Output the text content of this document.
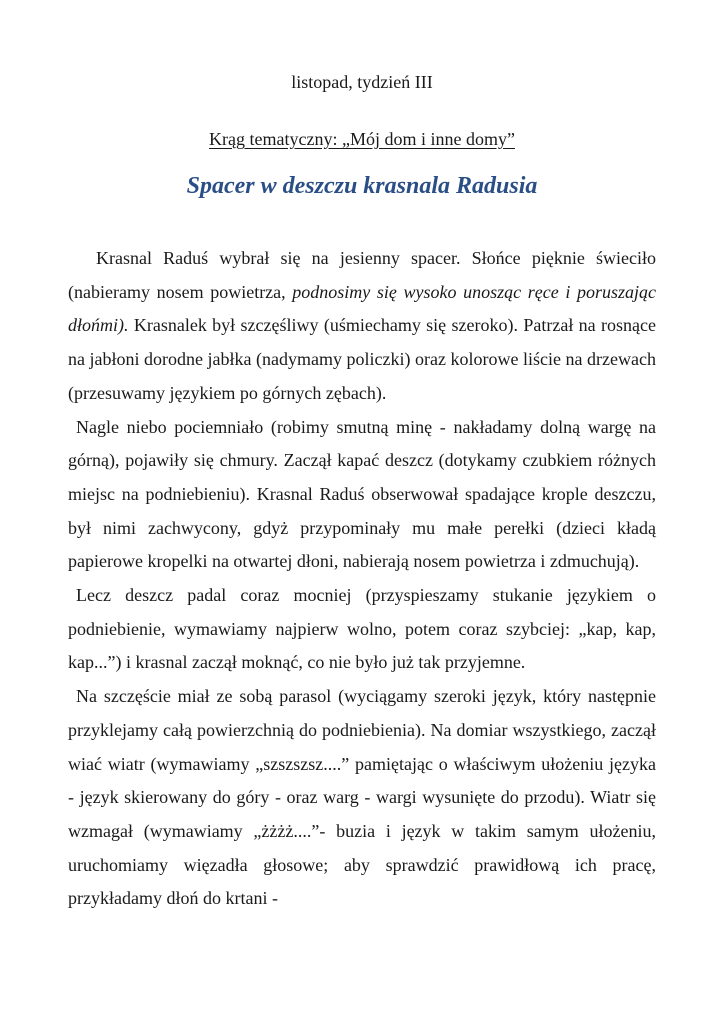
listopad, tydzień III
Krąg tematyczny: „Mój dom i inne domy”
Spacer w deszczu krasnala Radusia

Krasnal Raduś wybrał się na jesienny spacer. Słońce pięknie świeciło (nabieramy nosem powietrza, podnosimy się wysoko unosząc ręce i poruszając dłońmi). Krasnalek był szczęśliwy (uśmiechamy się szeroko). Patrzał na rosnące na jabłoni dorodne jabłka (nadymamy policzki) oraz kolorowe liście na drzewach (przesuwamy językiem po górnych zębach).

Nagle niebo pociemniało (robimy smutną minę - nakładamy dolną wargę na górną), pojawiły się chmury. Zaczął kapać deszcz (dotykamy czubkiem różnych miejsc na podniebieniu). Krasnal Raduś obserwował spadające krople deszczu, był nimi zachwycony, gdyż przypominały mu małe perełki (dzieci kładą papierowe kropelki na otwartej dłoni, nabierają nosem powietrza i zdmuchują).

Lecz deszcz padal coraz mocniej (przyspieszamy stukanie językiem o podniebienie, wymawiamy najpierw wolno, potem coraz szybciej: „kap, kap, kap...”) i krasnal zaczął moknąć, co nie było już tak przyjemne.

Na szczęście miał ze sobą parasol (wyciągamy szeroki język, który następnie przyklejamy całą powierzchnią do podniebienia). Na domiar wszystkiego, zaczął wiać wiatr (wymawiamy „szszszsz....” pamiętając o właściwym ułożeniu języka - język skierowany do góry - oraz warg - wargi wysunięte do przodu). Wiatr się wzmagał (wymawiamy „żżżż....”- buzia i język w takim samym ułożeniu, uruchomiamy więzadła głosowe; aby sprawdzić prawidłową ich pracę, przykładamy dłoń do krtani -
